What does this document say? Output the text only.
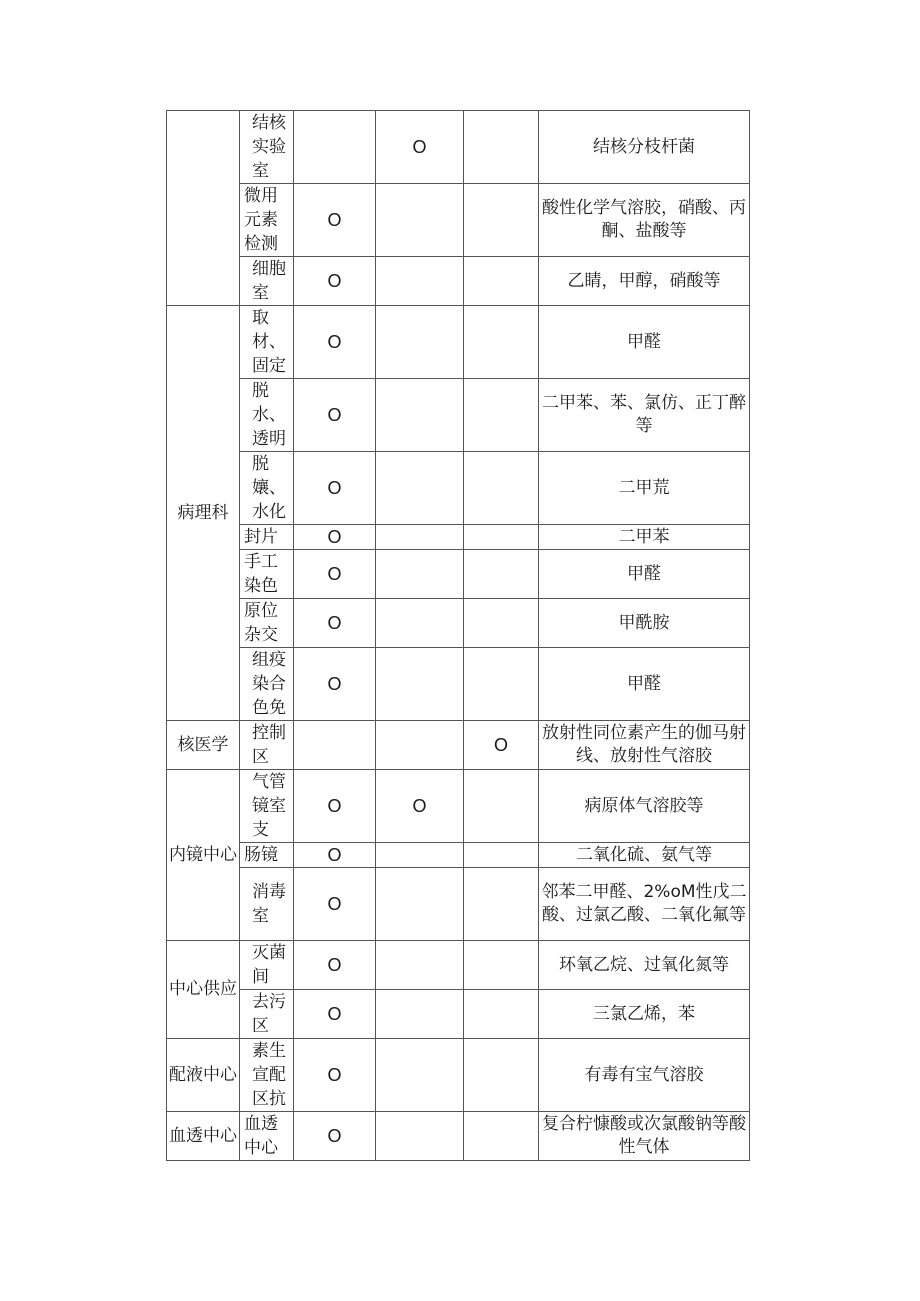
	结核实验室		O		结核分枝杆菌
	微用元素检测	O			酸性化学气溶胶，硝酸、丙酮、盐酸等
	细胞室	O			乙睛，甲醇，硝酸等
病理科	取材、固定	O			甲醛
	脱水、透明	O			二甲苯、苯、氯仿、正丁醉等
	脱孃、水化	O			二甲荒
	封片	O			二甲苯
	手工染色	O			甲醛
	原位杂交	O			甲酰胺
	组疫染合色免	O			甲醛
核医学	控制区			O	放射性同位素产生的伽马射线、放射性气溶胶
内镜中心	气管镜室支	O	O		病原体气溶胶等
	肠镜	O			二氧化硫、氨气等
	消毒室	O			邻苯二甲醛、2%oM性戊二酸、过氯乙酸、二氧化氟等
中心供应	灭菌间	O			环氧乙烷、过氧化氮等
	去污区	O			三氯乙烯，苯
配液中心	素生宣配区抗	O			有毒有宝气溶胶
血透中心	血透中心	O			复合柠慷酸或次氯酸钠等酸性气体
